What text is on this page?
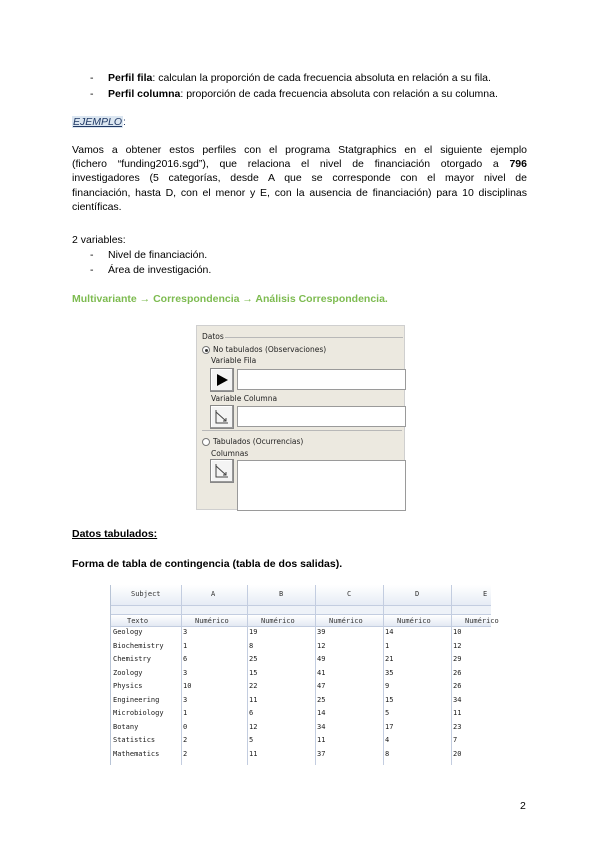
- Perfil fila: calculan la proporción de cada frecuencia absoluta en relación a su fila.
- Perfil columna: proporción de cada frecuencia absoluta con relación a su columna.
EJEMPLO:
Vamos a obtener estos perfiles con el programa Statgraphics en el siguiente ejemplo
(fichero “funding2016.sgd”), que relaciona el nivel de financiación otorgado a 796
investigadores (5 categorías, desde A que se corresponde con el mayor nivel de
financiación, hasta D, con el menor y E, con la ausencia de financiación) para 10 disciplinas
científicas.
2 variables:
- Nivel de financiación.
- Área de investigación.
Multivariante → Correspondencia → Análisis Correspondencia.
Datos
No tabulados (Observaciones)
Variable Fila
Variable Columna
Tabulados (Ocurrencias)
Columnas
Datos tabulados:
Forma de tabla de contingencia (tabla de dos salidas).
Subject	A	B	C	D	E
Texto	Numérico	Numérico	Numérico	Numérico	Numérico
Geology	3	19	39	14	10
Biochemistry	1	8	12	1	12
Chemistry	6	25	49	21	29
Zoology	3	15	41	35	26
Physics	10	22	47	9	26
Engineering	3	11	25	15	34
Microbiology	1	6	14	5	11
Botany	0	12	34	17	23
Statistics	2	5	11	4	7
Mathematics	2	11	37	8	20
2
